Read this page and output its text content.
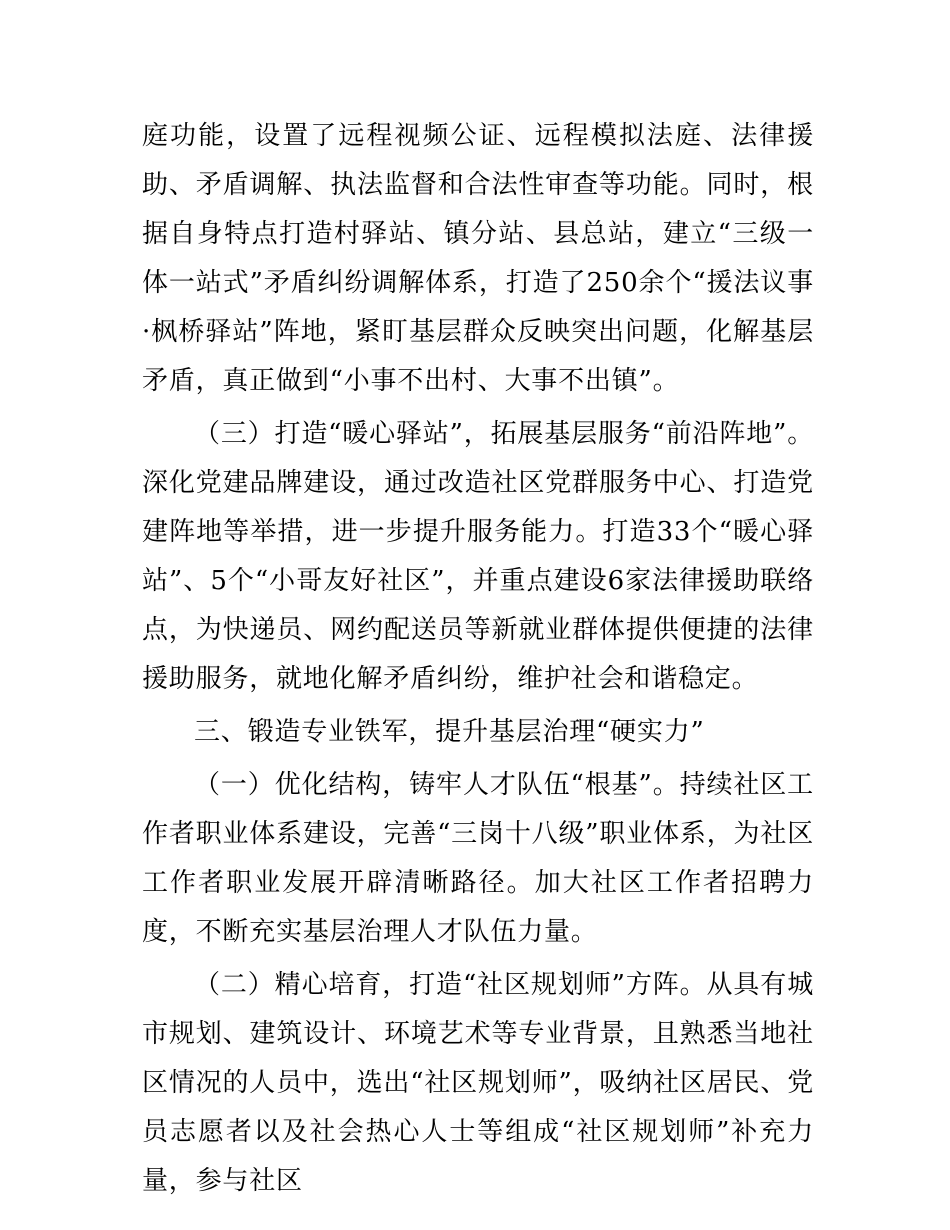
庭功能，设置了远程视频公证、远程模拟法庭、法律援助、矛盾调解、执法监督和合法性审查等功能。同时，根据自身特点打造村驿站、镇分站、县总站，建立“三级一体一站式”矛盾纠纷调解体系，打造了250余个“援法议事·枫桥驿站”阵地，紧盯基层群众反映突出问题，化解基层矛盾，真正做到“小事不出村、大事不出镇”。

（三）打造“暖心驿站”，拓展基层服务“前沿阵地”。深化党建品牌建设，通过改造社区党群服务中心、打造党建阵地等举措，进一步提升服务能力。打造33个“暖心驿站”、5个“小哥友好社区”，并重点建设6家法律援助联络点，为快递员、网约配送员等新就业群体提供便捷的法律援助服务，就地化解矛盾纠纷，维护社会和谐稳定。

三、锻造专业铁军，提升基层治理“硬实力”

（一）优化结构，铸牢人才队伍“根基”。持续社区工作者职业体系建设，完善“三岗十八级”职业体系，为社区工作者职业发展开辟清晰路径。加大社区工作者招聘力度，不断充实基层治理人才队伍力量。

（二）精心培育，打造“社区规划师”方阵。从具有城市规划、建筑设计、环境艺术等专业背景，且熟悉当地社区情况的人员中，选出“社区规划师”，吸纳社区居民、党员志愿者以及社会热心人士等组成“社区规划师”补充力量，参与社区
